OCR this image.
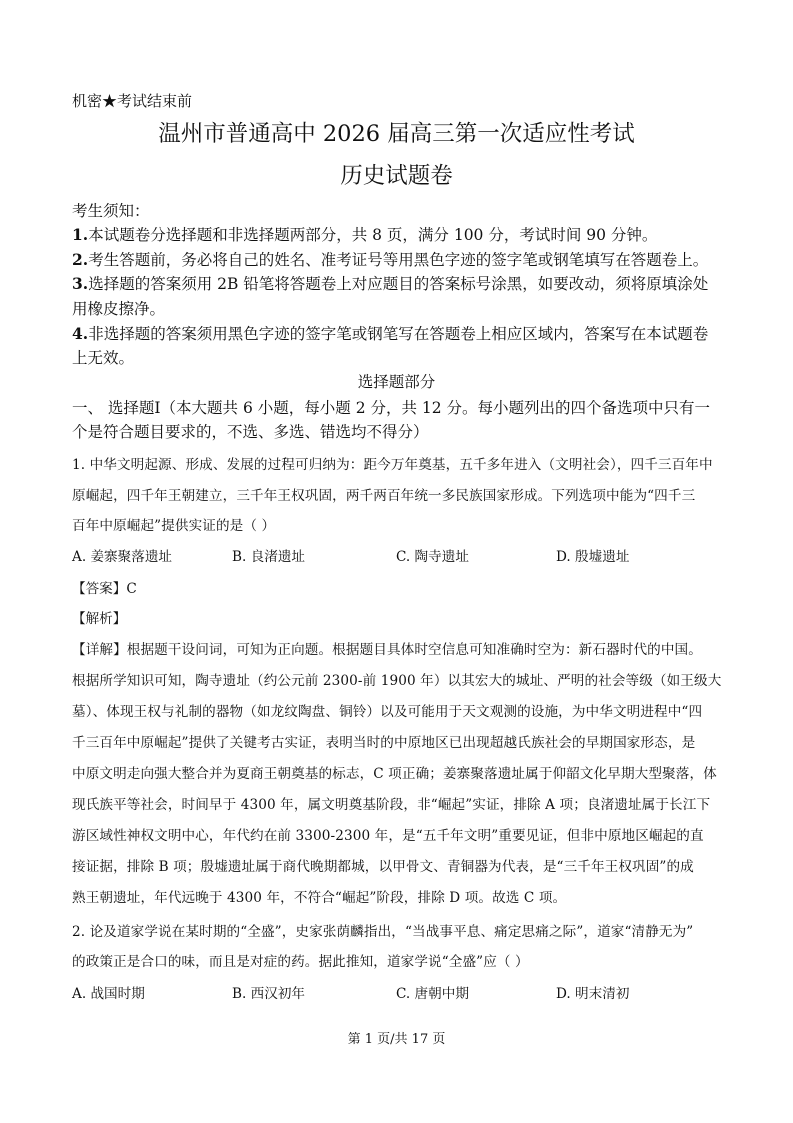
机密★考试结束前
温州市普通高中 2026 届高三第一次适应性考试
历史试题卷
考生须知：
1.本试题卷分选择题和非选择题两部分，共 8 页，满分 100 分，考试时间 90 分钟。
2.考生答题前，务必将自己的姓名、准考证号等用黑色字迹的签字笔或钢笔填写在答题卷上。
3.选择题的答案须用 2B 铅笔将答题卷上对应题目的答案标号涂黑，如要改动，须将原填涂处
用橡皮擦净。
4.非选择题的答案须用黑色字迹的签字笔或钢笔写在答题卷上相应区域内，答案写在本试题卷
上无效。
选择题部分
一、 选择题Ⅰ（本大题共 6 小题，每小题 2 分，共 12 分。每小题列出的四个备选项中只有一
个是符合题目要求的，不选、多选、错选均不得分）
1. 中华文明起源、形成、发展的过程可归纳为：距今万年奠基，五千多年进入（文明社会），四千三百年中
原崛起，四千年王朝建立，三千年王权巩固，两千两百年统一多民族国家形成。下列选项中能为“四千三
百年中原崛起”提供实证的是（ ）
A. 姜寨聚落遗址	B. 良渚遗址	C. 陶寺遗址	D. 殷墟遗址
【答案】C
【解析】
【详解】根据题干设问词，可知为正向题。根据题目具体时空信息可知准确时空为：新石器时代的中国。
根据所学知识可知，陶寺遗址（约公元前 2300-前 1900 年）以其宏大的城址、严明的社会等级（如王级大
墓）、体现王权与礼制的器物（如龙纹陶盘、铜铃）以及可能用于天文观测的设施，为中华文明进程中“四
千三百年中原崛起”提供了关键考古实证，表明当时的中原地区已出现超越氏族社会的早期国家形态，是
中原文明走向强大整合并为夏商王朝奠基的标志，C 项正确；姜寨聚落遗址属于仰韶文化早期大型聚落，体
现氏族平等社会，时间早于 4300 年，属文明奠基阶段，非“崛起”实证，排除 A 项；良渚遗址属于长江下
游区域性神权文明中心，年代约在前 3300-2300 年，是“五千年文明”重要见证，但非中原地区崛起的直
接证据，排除 B 项；殷墟遗址属于商代晚期都城，以甲骨文、青铜器为代表，是“三千年王权巩固”的成
熟王朝遗址，年代远晚于 4300 年，不符合“崛起”阶段，排除 D 项。故选 C 项。
2. 论及道家学说在某时期的“全盛”，史家张荫麟指出，“当战事平息、痛定思痛之际”，道家“清静无为”
的政策正是合口的味，而且是对症的药。据此推知，道家学说“全盛”应（ ）
A. 战国时期	B. 西汉初年	C. 唐朝中期	D. 明末清初
第 1 页/共 17 页
